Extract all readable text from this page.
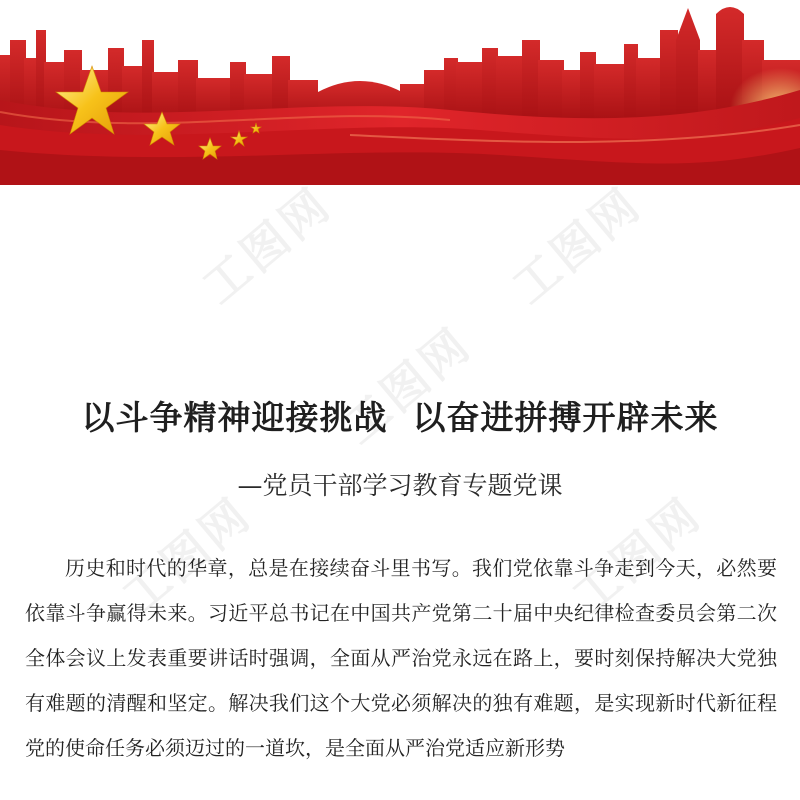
工图网	工图网
工图网
工图网	工图网
以斗争精神迎接挑战  以奋进拼搏开辟未来
—党员干部学习教育专题党课

历史和时代的华章，总是在接续奋斗里书写。我们党依靠斗争走到今天，必然要依靠斗争赢得未来。习近平总书记在中国共产党第二十届中央纪律检查委员会第二次全体会议上发表重要讲话时强调，全面从严治党永远在路上，要时刻保持解决大党独有难题的清醒和坚定。解决我们这个大党必须解决的独有难题，是实现新时代新征程党的使命任务必须迈过的一道坎，是全面从严治党适应新形势
